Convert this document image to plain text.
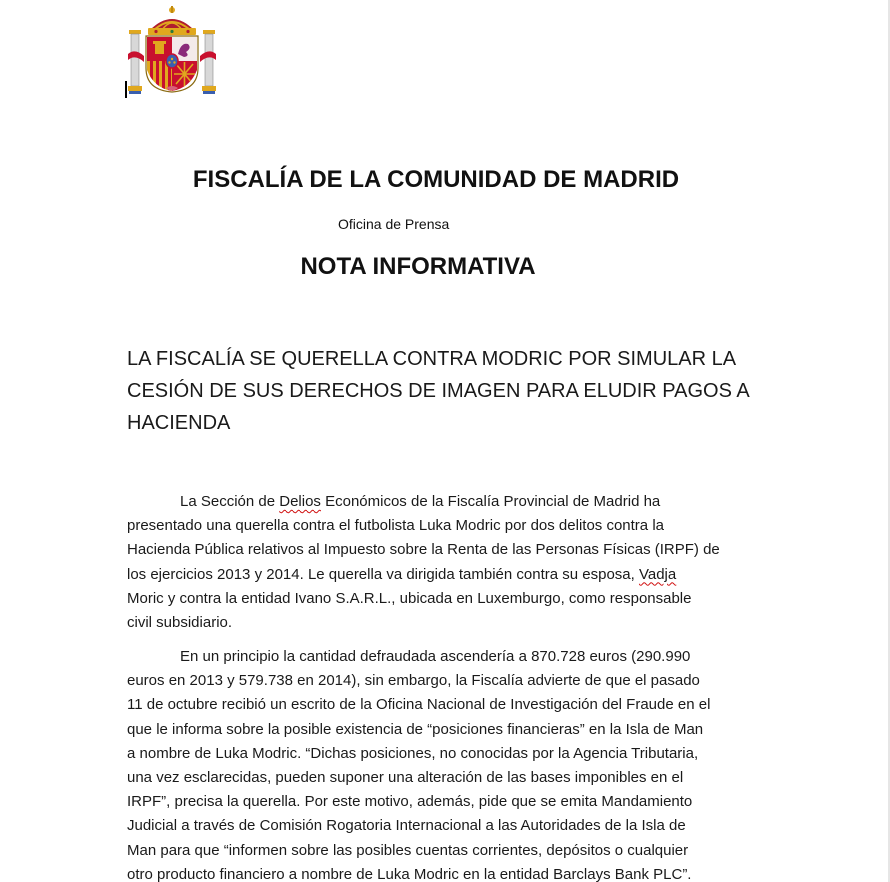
FISCALÍA DE LA COMUNIDAD DE MADRID

Oficina de Prensa

NOTA INFORMATIVA
LA FISCALÍA SE QUERELLA CONTRA MODRIC POR SIMULAR LA
CESIÓN DE SUS DERECHOS DE IMAGEN PARA ELUDIR PAGOS A
HACIENDA
La Sección de Delios Económicos de la Fiscalía Provincial de Madrid ha
presentado una querella contra el futbolista Luka Modric por dos delitos contra la
Hacienda Pública relativos al Impuesto sobre la Renta de las Personas Físicas (IRPF) de
los ejercicios 2013 y 2014. Le querella va dirigida también contra su esposa, Vadja
Moric y contra la entidad Ivano S.A.R.L., ubicada en Luxemburgo, como responsable
civil subsidiario.
En un principio la cantidad defraudada ascendería a 870.728 euros (290.990
euros en 2013 y 579.738 en 2014), sin embargo, la Fiscalía advierte de que el pasado
11 de octubre recibió un escrito de la Oficina Nacional de Investigación del Fraude en el
que le informa sobre la posible existencia de “posiciones financieras” en la Isla de Man
a nombre de Luka Modric. “Dichas posiciones, no conocidas por la Agencia Tributaria,
una vez esclarecidas, pueden suponer una alteración de las bases imponibles en el
IRPF”, precisa la querella. Por este motivo, además, pide que se emita Mandamiento
Judicial a través de Comisión Rogatoria Internacional a las Autoridades de la Isla de
Man para que “informen sobre las posibles cuentas corrientes, depósitos o cualquier
otro producto financiero a nombre de Luka Modric en la entidad Barclays Bank PLC”.
